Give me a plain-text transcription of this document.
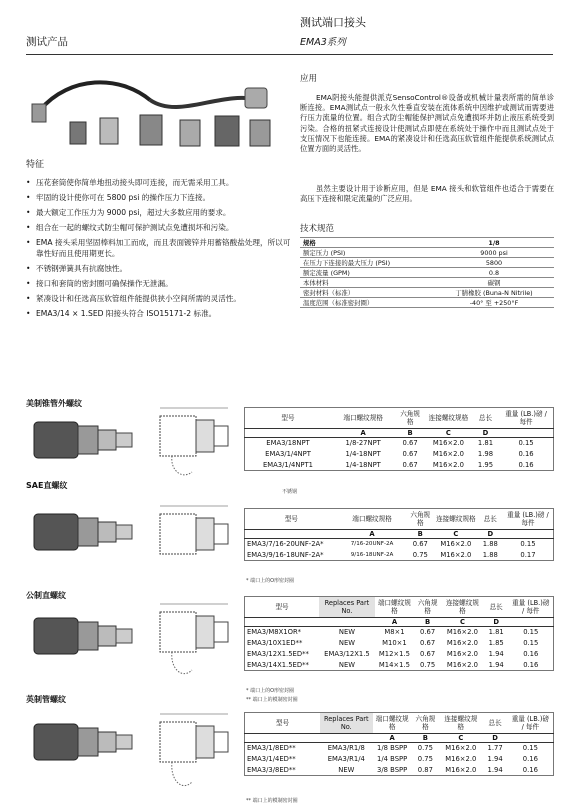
测试产品
测试端口接头
EMA3系列
特征
• 压花套筒使你简单地扭动接头即可连接，而无需采用工具。
• 牢固的设计使你可在 5800 psi 的操作压力下连接。
• 最大额定工作压力为 9000 psi，超过大多数应用的要求。
• 组合在一起的螺纹式防尘帽可保护测试点免遭损坏和污染。
• EMA 接头采用坚固棒料加工而成，而且表面镀锌并用蓄铬酸盐处理，所以可靠性好而且使用期更长。
• 不锈钢弹簧具有抗腐蚀性。
• 接口和套筒的密封圈可确保操作无泄漏。
• 紧凑设计和任选高压软管组件能提供狭小空间所需的灵活性。
• EMA3/14 × 1.SED 阳接头符合 ISO15171-2 标准。
应用

EMA阴接头能提供派克SensoControl®设备或机械计量表所需的简单诊断连接。EMA测试点一般永久性垂直安装在流体系统中因维护或测试而需要进行压力流量的位置。组合式防尘帽能保护测试点免遭损坏并防止液压系统受到污染。合格的扭紧式连接设计使测试点即使在系统处于操作中而且测试点处于支压情况下也能连接。EMA的紧凑设计和任选高压软管组件能提供系统测试点位置方面的灵活性。

虽然主要设计用于诊断应用，但是 EMA 接头和软管组件也适合于需要在高压下连接和限定流量的广泛应用。

技术规范
规格	1/8
额定压力 (PSI)	9000 psi
在压力下连接的最大压力 (PSI)	5800
额定流量 (GPM)	0.8
本体材料	碳钢
密封材料（标准）	丁腈橡胶 (Buna-N Nitrile)
温度范围（标准密封圈）	-40° 至 +250°F
美制锥管外螺纹
型号	端口螺纹规格	六角规格	连接螺纹规格	总长	重量 (LB.)磅 / 每件
	A	B	C	D	
EMA3/18NPT	1/8-27NPT	0.67	M16×2.0	1.81	0.15
EMA3/1/4NPT	1/4-18NPT	0.67	M16×2.0	1.98	0.16
EMA3/1/4NPT1	1/4-18NPT	0.67	M16×2.0	1.95	0.16
不锈钢
SAE直螺纹
型号	端口螺纹规格	六角规格	连接螺纹规格	总长	重量 (LB.)磅 / 每件
	A	B	C	D	
EMA3/7/16-20UNF-2A*	7/16-20UNF-2A	0.67	M16×2.0	1.88	0.15
EMA3/9/16-18UNF-2A*	9/16-18UNF-2A	0.75	M16×2.0	1.88	0.17
* 端口上的O形密封圈
公制直螺纹
型号	Replaces Part No.	端口螺纹规格	六角规格	连接螺纹规格	总长	重量 (LB.)磅 / 每件
		A	B	C	D	
EMA3/M8X1OR*	NEW	M8×1	0.67	M16×2.0	1.81	0.15
EMA3/10X1ED**	NEW	M10×1	0.67	M16×2.0	1.85	0.15
EMA3/12X1.5ED**	EMA3/12X1.5	M12×1.5	0.67	M16×2.0	1.94	0.16
EMA3/14X1.5ED**	NEW	M14×1.5	0.75	M16×2.0	1.94	0.16
* 端口上的O形密封圈
** 端口上的模制密封圈
英制管螺纹
型号	Replaces Part No.	端口螺纹规格	六角规格	连接螺纹规格	总长	重量 (LB.)磅 / 每件
		A	B	C	D	
EMA3/1/8ED**	EMA3/R1/8	1/8 BSPP	0.75	M16×2.0	1.77	0.15
EMA3/1/4ED**	EMA3/R1/4	1/4 BSPP	0.75	M16×2.0	1.94	0.16
EMA3/3/8ED**	NEW	3/8 BSPP	0.87	M16×2.0	1.94	0.16
** 端口上的模制密封圈
